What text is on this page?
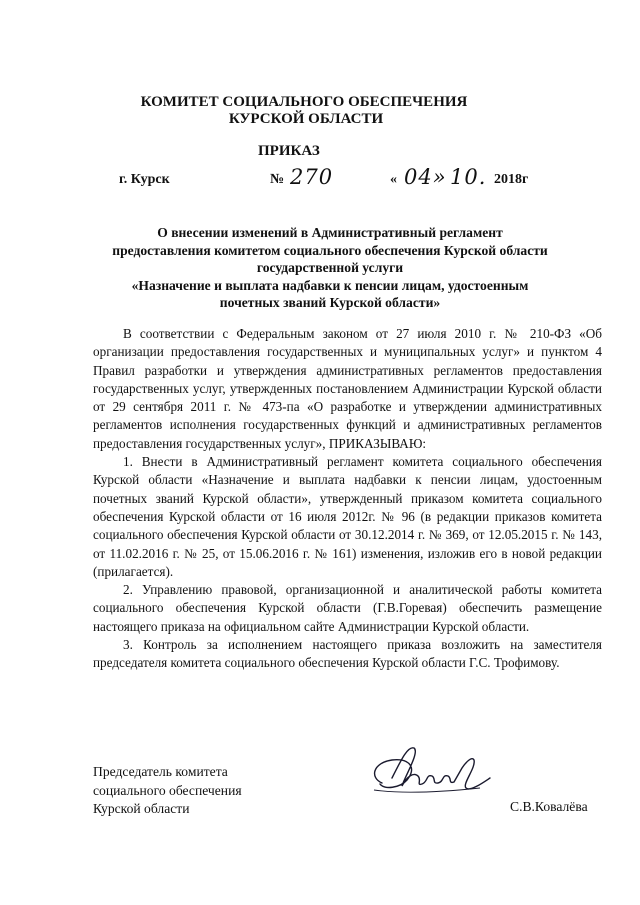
КОМИТЕТ СОЦИАЛЬНОГО ОБЕСПЕЧЕНИЯ
КУРСКОЙ ОБЛАСТИ
ПРИКАЗ
г. Курск	№ 270	« 04» 10. 2018г
О внесении изменений в Административный регламент
предоставления комитетом социального обеспечения Курской области
государственной услуги
«Назначение и выплата надбавки к пенсии лицам, удостоенным
почетных званий Курской области»

В соответствии с Федеральным законом от 27 июля 2010 г. № 210-ФЗ «Об организации предоставления государственных и муниципальных услуг» и пунктом 4 Правил разработки и утверждения административных регламентов предоставления государственных услуг, утвержденных постановлением Администрации Курской области от 29 сентября 2011 г. № 473-па «О разработке и утверждении административных регламентов исполнения государственных функций и административных регламентов предоставления государственных услуг», ПРИКАЗЫВАЮ:

1. Внести в Административный регламент комитета социального обеспечения Курской области «Назначение и выплата надбавки к пенсии лицам, удостоенным почетных званий Курской области», утвержденный приказом комитета социального обеспечения Курской области от 16 июля 2012г. № 96 (в редакции приказов комитета социального обеспечения Курской области от 30.12.2014 г. № 369, от 12.05.2015 г. № 143, от 11.02.2016 г. № 25, от 15.06.2016 г. № 161) изменения, изложив его в новой редакции (прилагается).

2. Управлению правовой, организационной и аналитической работы комитета социального обеспечения Курской области (Г.В.Горевая) обеспечить размещение настоящего приказа на официальном сайте Администрации Курской области.

3. Контроль за исполнением настоящего приказа возложить на заместителя председателя комитета социального обеспечения Курской области Г.С. Трофимову.

Председатель комитета
социального обеспечения
Курской области	С.В.Ковалёва
